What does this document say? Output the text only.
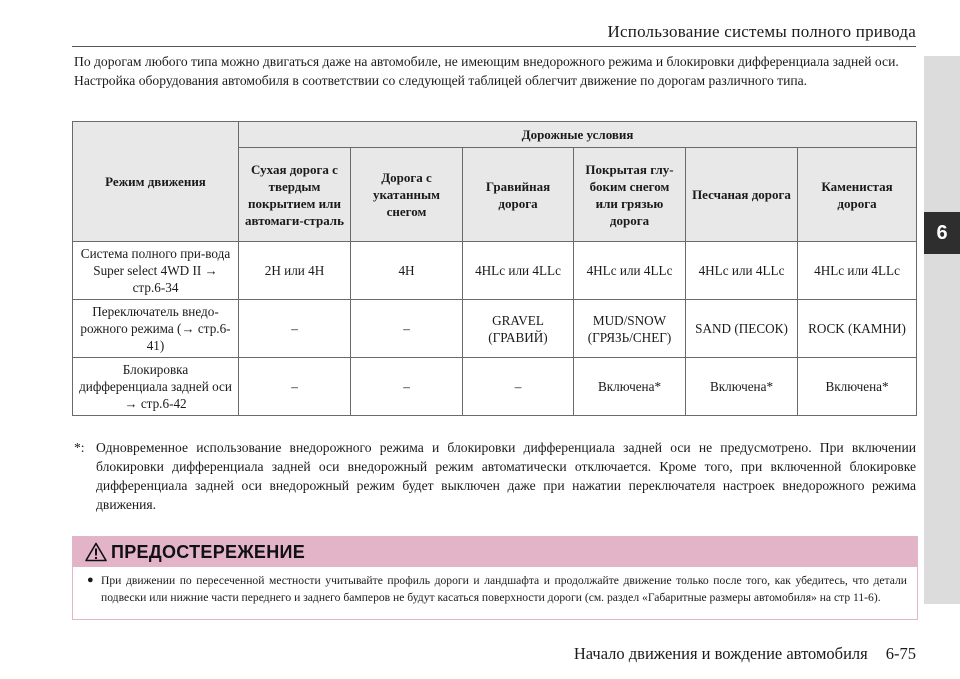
Использование системы полного привода
6

По дорогам любого типа можно двигаться даже на автомобиле, не имеющим внедорожного режима и блокировки дифференциала задней оси.

Настройка оборудования автомобиля в соответствии со следующей таблицей облегчит движение по дорогам различного типа.

Режим движения	Дорожные условия					
	Сухая дорога с твердым покрытием или автомаги-страль	Дорога с укатанным снегом	Гравийная дорога	Покрытая глу-боким снегом или грязью дорога	Песчаная дорога	Каменистая дорога
Система полного при-вода Super select 4WD II → стр.6-34	2H или 4H	4H	4HLc или 4LLc	4HLc или 4LLc	4HLc или 4LLc	4HLc или 4LLc
Переключатель внедо-рожного режима (→ стр.6-41)	–	–	GRAVEL (ГРАВИЙ)	MUD/SNOW (ГРЯЗЬ/СНЕГ)	SAND (ПЕСОК)	ROCK (КАМНИ)
Блокировка дифференциала задней оси → стр.6-42	–	–	–	Включена*	Включена*	Включена*
*: Одновременное использование внедорожного режима и блокировки дифференциала задней оси не предусмотрено. При включении блокировки дифференциала задней оси внедорожный режим автоматически отключается. Кроме того, при включенной блокировке дифференциала задней оси внедорожный режим будет выключен даже при нажатии переключателя настроек внедорожного режима движения.
ПРЕДОСТЕРЕЖЕНИЕ
● При движении по пересеченной местности учитывайте профиль дороги и ландшафта и продолжайте движение только после того, как убедитесь, что детали подвески или нижние части переднего и заднего бамперов не будут касаться поверхности дороги (см. раздел «Габаритные размеры автомобиля» на стр 11-6).
Начало движения и вождение автомобиля 6-75
